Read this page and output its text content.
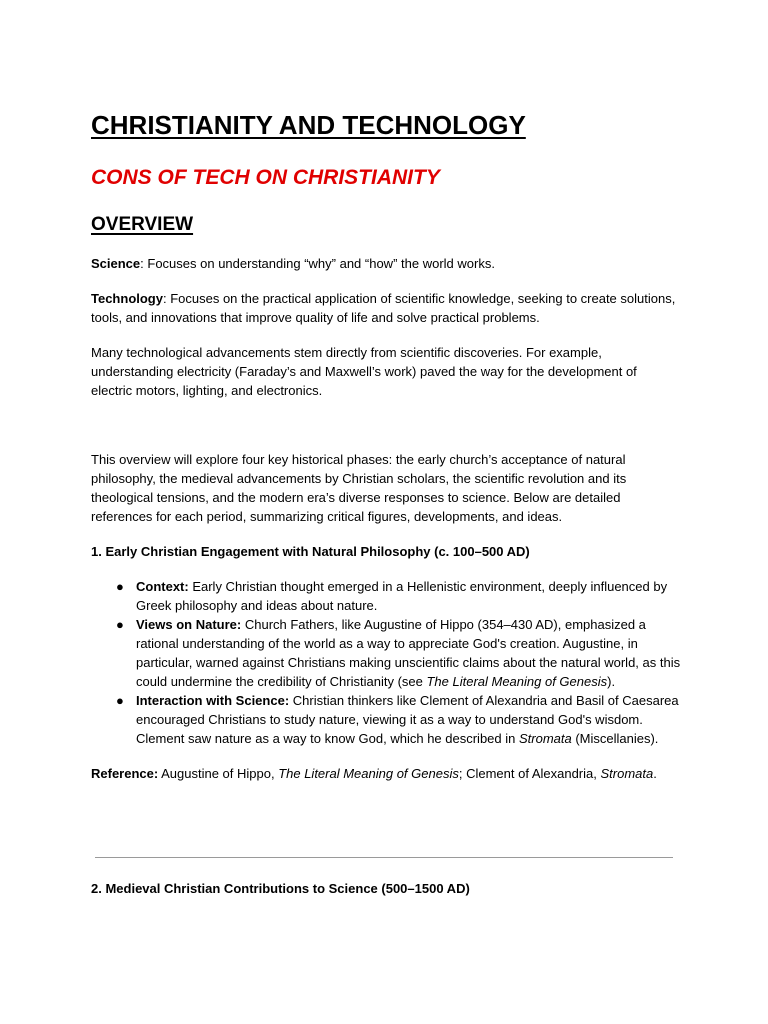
CHRISTIANITY AND TECHNOLOGY
CONS OF TECH ON CHRISTIANITY
OVERVIEW

Science: Focuses on understanding “why” and “how” the world works.

Technology: Focuses on the practical application of scientific knowledge, seeking to create solutions, tools, and innovations that improve quality of life and solve practical problems.

Many technological advancements stem directly from scientific discoveries. For example, understanding electricity (Faraday’s and Maxwell’s work) paved the way for the development of electric motors, lighting, and electronics.

This overview will explore four key historical phases: the early church’s acceptance of natural philosophy, the medieval advancements by Christian scholars, the scientific revolution and its theological tensions, and the modern era’s diverse responses to science. Below are detailed references for each period, summarizing critical figures, developments, and ideas.

1. Early Christian Engagement with Natural Philosophy (c. 100–500 AD)

● Context: Early Christian thought emerged in a Hellenistic environment, deeply influenced by Greek philosophy and ideas about nature.
● Views on Nature: Church Fathers, like Augustine of Hippo (354–430 AD), emphasized a rational understanding of the world as a way to appreciate God's creation. Augustine, in particular, warned against Christians making unscientific claims about the natural world, as this could undermine the credibility of Christianity (see The Literal Meaning of Genesis).
● Interaction with Science: Christian thinkers like Clement of Alexandria and Basil of Caesarea encouraged Christians to study nature, viewing it as a way to understand God's wisdom. Clement saw nature as a way to know God, which he described in Stromata (Miscellanies).

Reference: Augustine of Hippo, The Literal Meaning of Genesis; Clement of Alexandria, Stromata.

2. Medieval Christian Contributions to Science (500–1500 AD)
